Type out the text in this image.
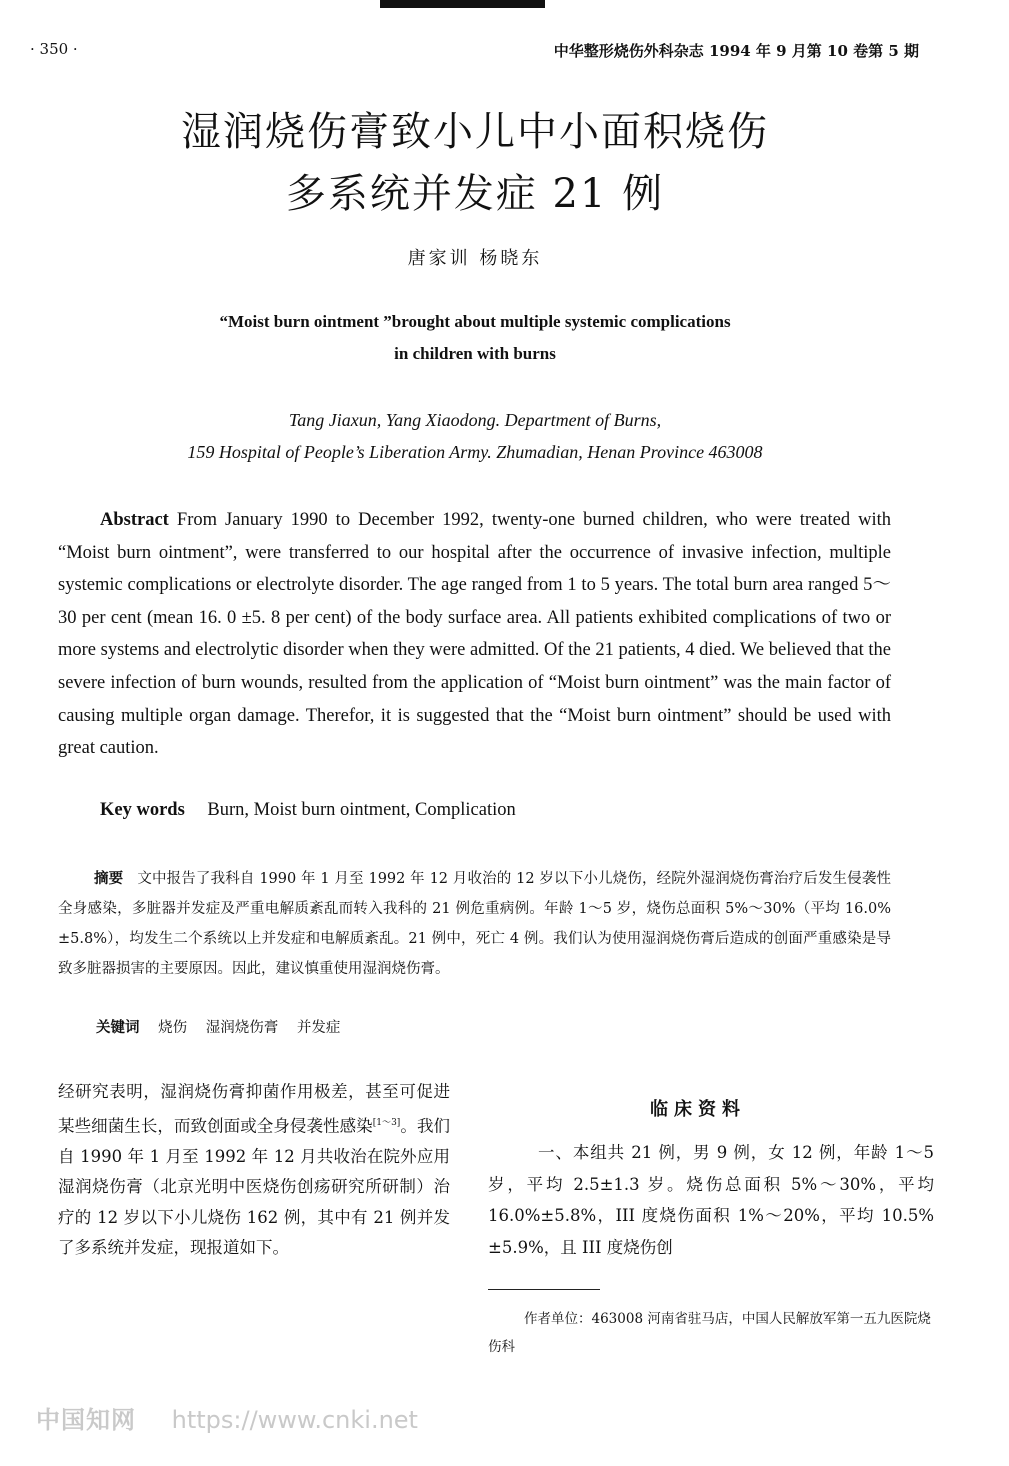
· 350 ·	中华整形烧伤外科杂志 1994 年 9 月第 10 卷第 5 期
湿润烧伤膏致小儿中小面积烧伤
多系统并发症 21 例
唐家训 杨晓东
“Moist burn ointment ”brought about multiple systemic complications
in children with burns
Tang Jiaxun, Yang Xiaodong. Department of Burns,
159 Hospital of People’s Liberation Army. Zhumadian, Henan Province 463008
Abstract From January 1990 to December 1992, twenty-one burned children, who were treated with “Moist burn ointment”, were transferred to our hospital after the occurrence of invasive infection, multiple systemic complications or electrolyte disorder. The age ranged from 1 to 5 years. The total burn area ranged 5～30 per cent (mean 16. 0 ±5. 8 per cent) of the body surface area. All patients exhibited complications of two or more systems and electrolytic disorder when they were admitted. Of the 21 patients, 4 died. We believed that the severe infection of burn wounds, resulted from the application of “Moist burn ointment” was the main factor of causing multiple organ damage. Therefor, it is suggested that the “Moist burn ointment” should be used with great caution.
Key words Burn, Moist burn ointment, Complication
摘要 文中报告了我科自 1990 年 1 月至 1992 年 12 月收治的 12 岁以下小儿烧伤，经院外湿润烧伤膏治疗后发生侵袭性全身感染，多脏器并发症及严重电解质紊乱而转入我科的 21 例危重病例。年龄 1～5 岁，烧伤总面积 5%～30%（平均 16.0%±5.8%），均发生二个系统以上并发症和电解质紊乱。21 例中，死亡 4 例。我们认为使用湿润烧伤膏后造成的创面严重感染是导致多脏器损害的主要原因。因此，建议慎重使用湿润烧伤膏。
关键词 烧伤 湿润烧伤膏 并发症

经研究表明，湿润烧伤膏抑菌作用极差，甚至可促进某些细菌生长，而致创面或全身侵袭性感染[1～3]。我们自 1990 年 1 月至 1992 年 12 月共收治在院外应用湿润烧伤膏（北京光明中医烧伤创疡研究所研制）治疗的 12 岁以下小儿烧伤 162 例，其中有 21 例并发了多系统并发症，现报道如下。

临床资料
一、本组共 21 例，男 9 例，女 12 例，年龄 1～5 岁，平均 2.5±1.3 岁。烧伤总面积 5%～30%，平均 16.0%±5.8%，III 度烧伤面积 1%～20%，平均 10.5%±5.9%，且 III 度烧伤创
作者单位：463008 河南省驻马店，中国人民解放军第一五九医院烧伤科
中国知网 https://www.cnki.net
